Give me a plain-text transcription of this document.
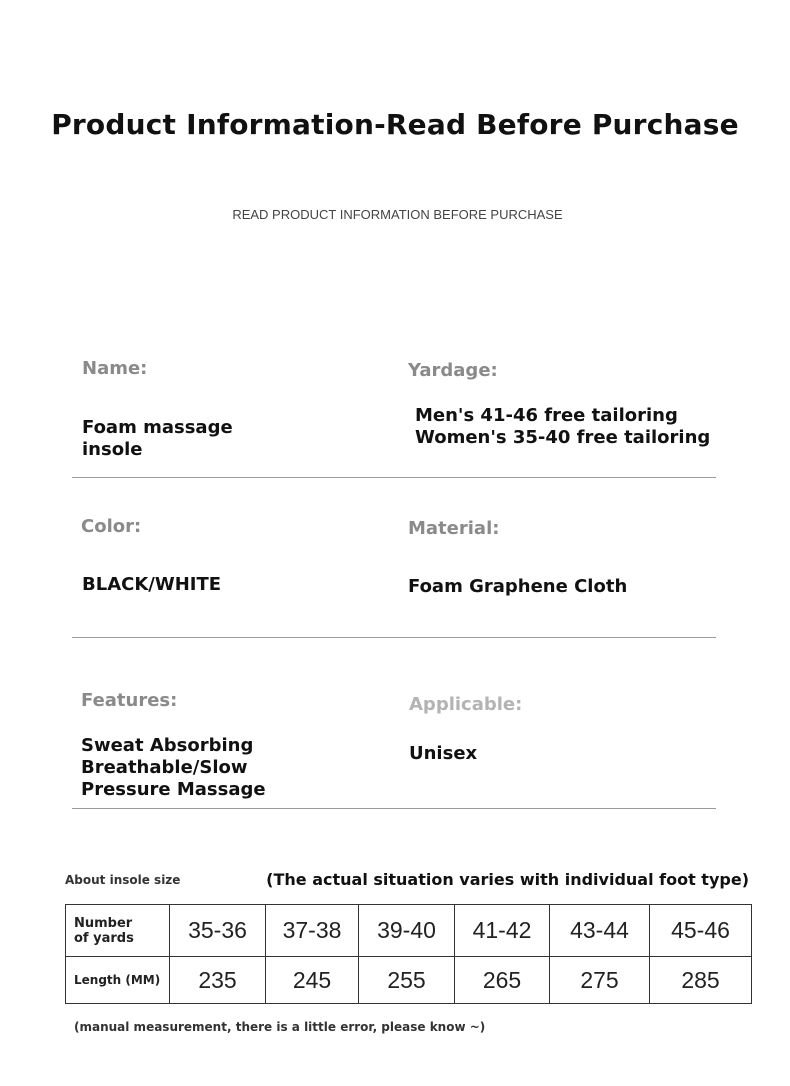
Product Information-Read Before Purchase
READ PRODUCT INFORMATION BEFORE PURCHASE
Name:
Foam massage
insole
Yardage:
Men's 41-46 free tailoring
Women's 35-40 free tailoring
Color:
BLACK/WHITE
Material:
Foam Graphene Cloth
Features:
Sweat Absorbing
Breathable/Slow
Pressure Massage
Applicable:
Unisex
About insole size	(The actual situation varies with individual foot type)
Number
of yards	35-36	37-38	39-40	41-42	43-44	45-46
Length (MM)	235	245	255	265	275	285
(manual measurement, there is a little error, please know ~)
